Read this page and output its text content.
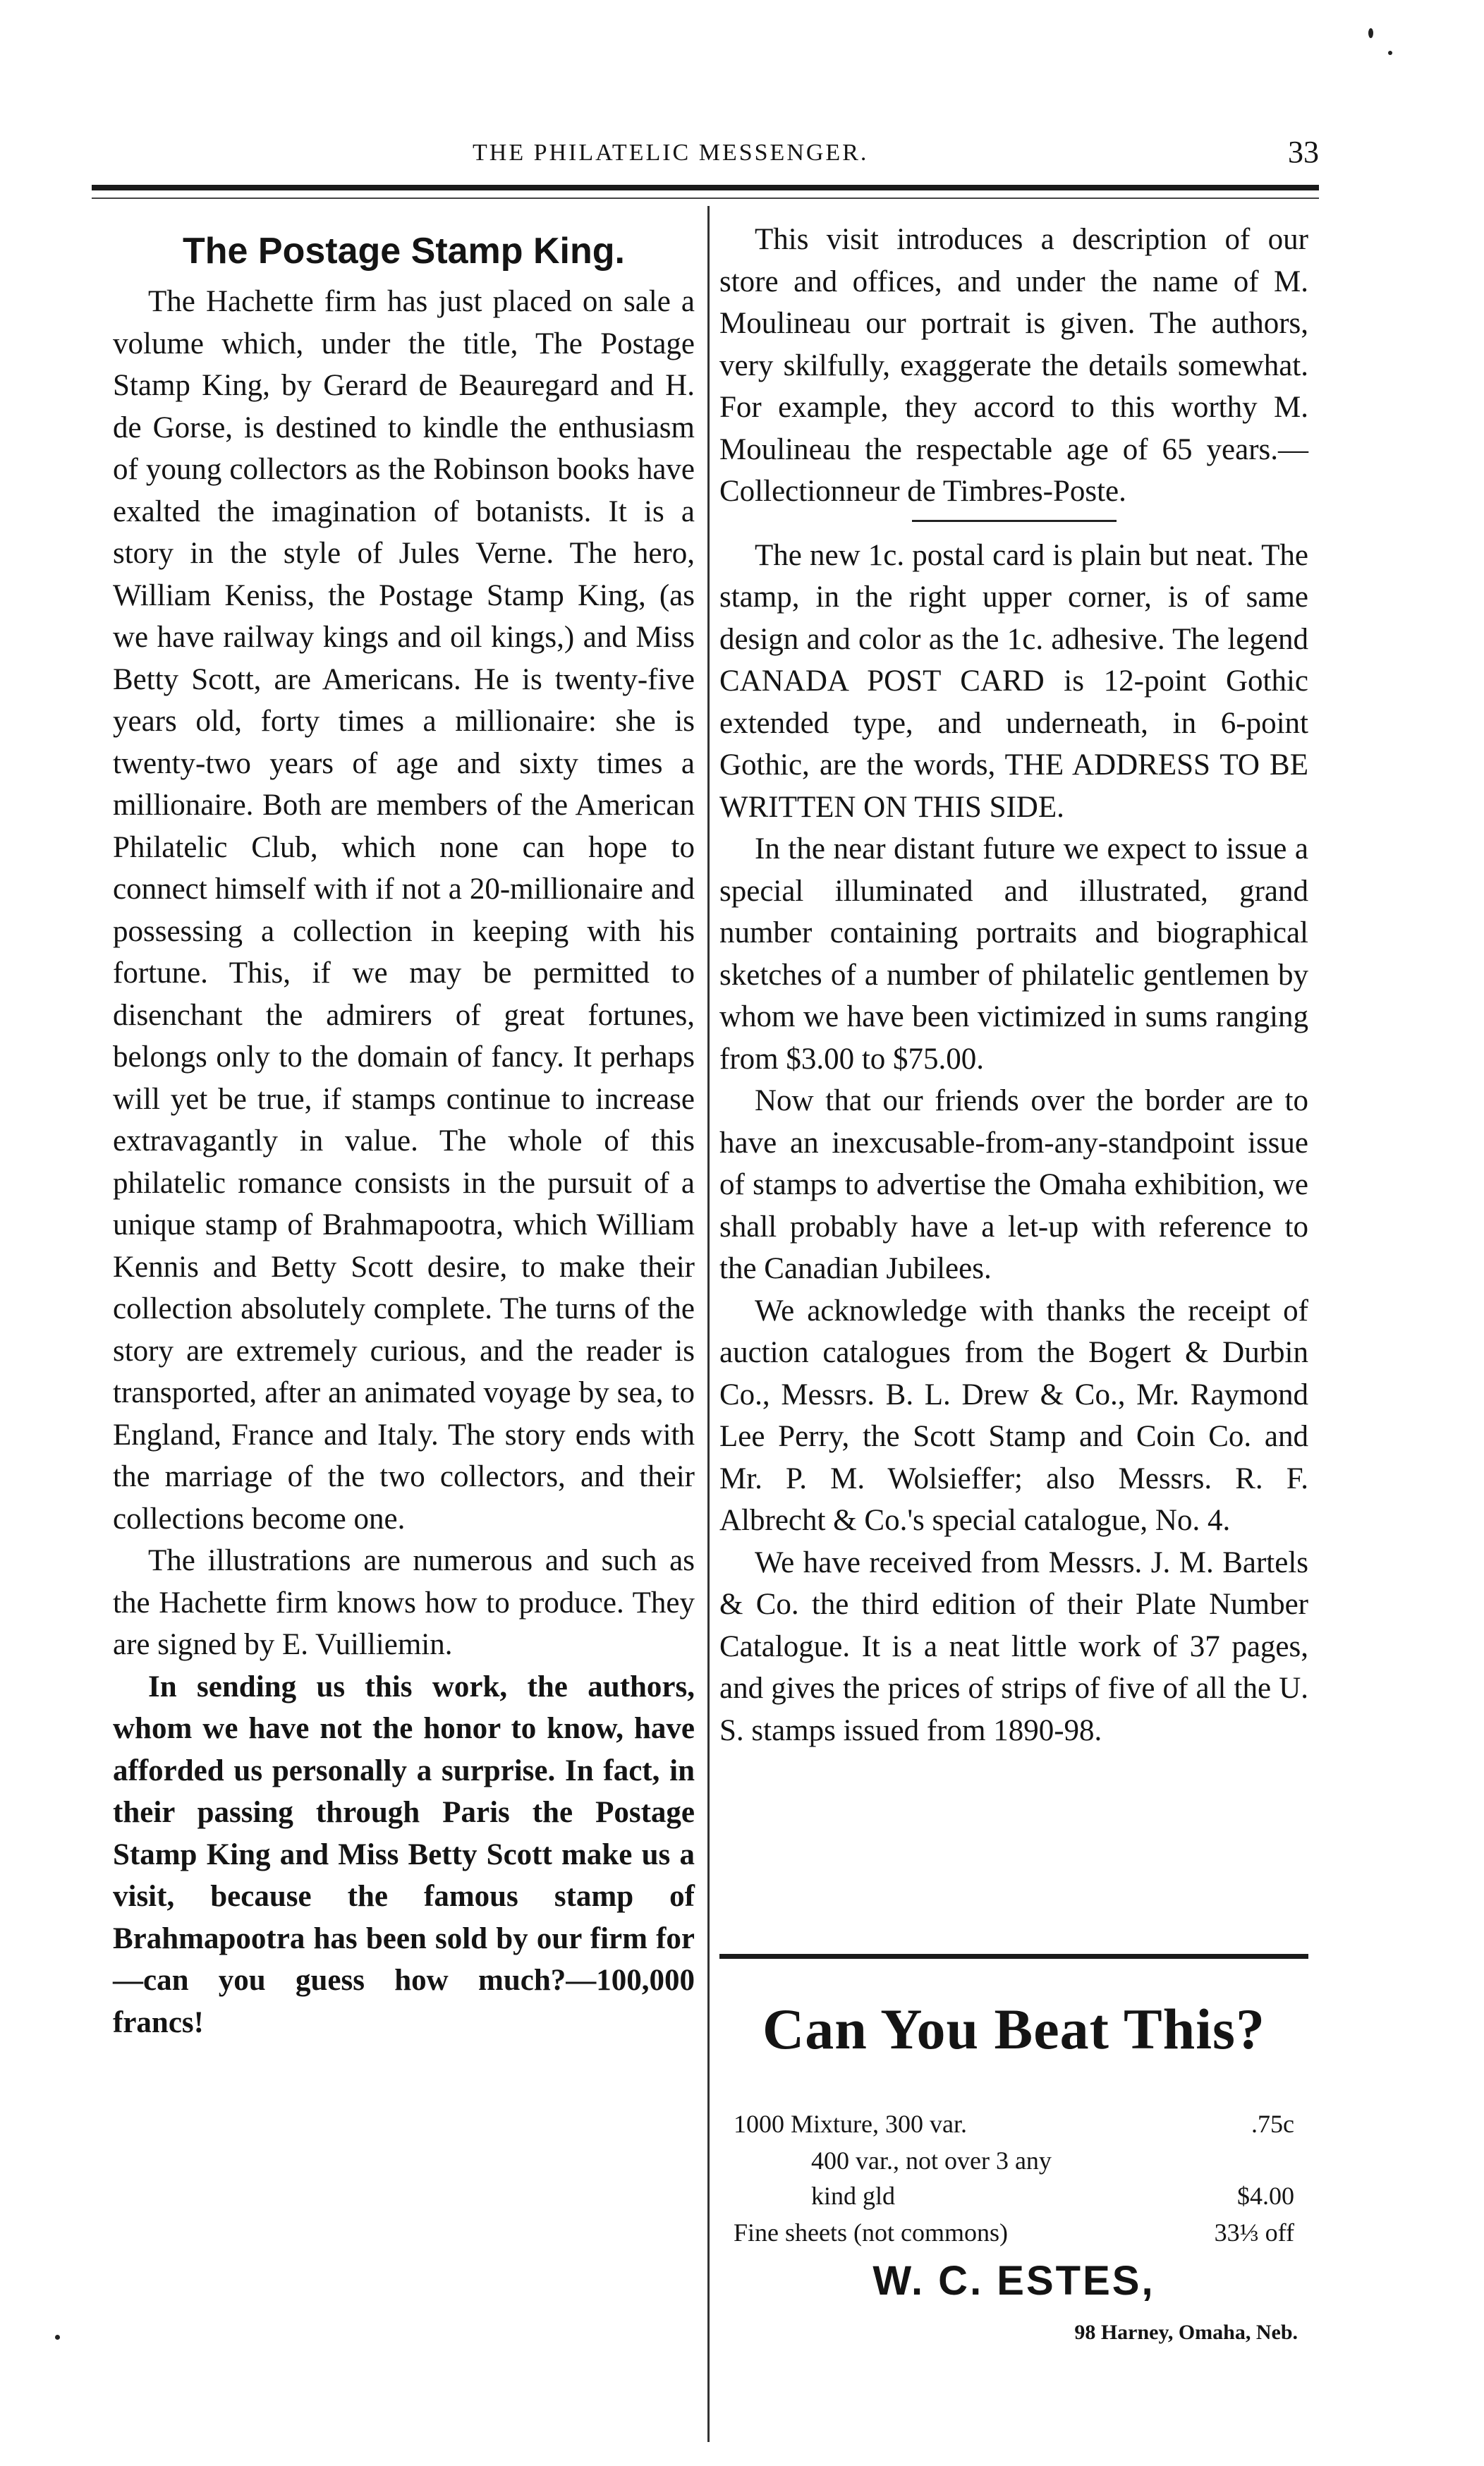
THE PHILATELIC MESSENGER.	33
The Postage Stamp King.

The Hachette firm has just placed on sale a volume which, under the title, The Postage Stamp King, by Gerard de Beauregard and H. de Gorse, is destined to kindle the enthusiasm of young collectors as the Robinson books have exalted the imagination of botanists. It is a story in the style of Jules Verne. The hero, William Keniss, the Postage Stamp King, (as we have railway kings and oil kings,) and Miss Betty Scott, are Americans. He is twenty-five years old, forty times a millionaire: she is twenty-two years of age and sixty times a millionaire. Both are members of the American Philatelic Club, which none can hope to connect himself with if not a 20-millionaire and possessing a collection in keeping with his fortune. This, if we may be permitted to disenchant the admirers of great fortunes, belongs only to the domain of fancy. It perhaps will yet be true, if stamps continue to increase extravagantly in value. The whole of this philatelic romance consists in the pursuit of a unique stamp of Brahmapootra, which William Kennis and Betty Scott desire, to make their collection absolutely complete. The turns of the story are extremely curious, and the reader is transported, after an animated voyage by sea, to England, France and Italy. The story ends with the marriage of the two collectors, and their collections become one.

The illustrations are numerous and such as the Hachette firm knows how to produce. They are signed by E. Vuilliemin.

In sending us this work, the authors, whom we have not the honor to know, have afforded us personally a surprise. In fact, in their passing through Paris the Postage Stamp King and Miss Betty Scott make us a visit, because the famous stamp of Brahmapootra has been sold by our firm for—can you guess how much?—100,000 francs!

This visit introduces a description of our store and offices, and under the name of M. Moulineau our portrait is given. The authors, very skilfully, exaggerate the details somewhat. For example, they accord to this worthy M. Moulineau the respectable age of 65 years.—Collectionneur de Timbres-Poste.

The new 1c. postal card is plain but neat. The stamp, in the right upper corner, is of same design and color as the 1c. adhesive. The legend CANADA POST CARD is 12-point Gothic extended type, and underneath, in 6-point Gothic, are the words, THE ADDRESS TO BE WRITTEN ON THIS SIDE.

In the near distant future we expect to issue a special illuminated and illustrated, grand number containing portraits and biographical sketches of a number of philatelic gentlemen by whom we have been victimized in sums ranging from $3.00 to $75.00.

Now that our friends over the border are to have an inexcusable-from-any-standpoint issue of stamps to advertise the Omaha exhibition, we shall probably have a let-up with reference to the Canadian Jubilees.

We acknowledge with thanks the receipt of auction catalogues from the Bogert & Durbin Co., Messrs. B. L. Drew & Co., Mr. Raymond Lee Perry, the Scott Stamp and Coin Co. and Mr. P. M. Wolsieffer; also Messrs. R. F. Albrecht & Co.'s special catalogue, No. 4.

We have received from Messrs. J. M. Bartels & Co. the third edition of their Plate Number Catalogue. It is a neat little work of 37 pages, and gives the prices of strips of five of all the U. S. stamps issued from 1890-98.

Can You Beat This?
1000 Mixture, 300 var.	.75c
400 var., not over 3 any
kind gld	$4.00
Fine sheets (not commons)	33⅓ off
W. C. ESTES,
98 Harney, Omaha, Neb.
